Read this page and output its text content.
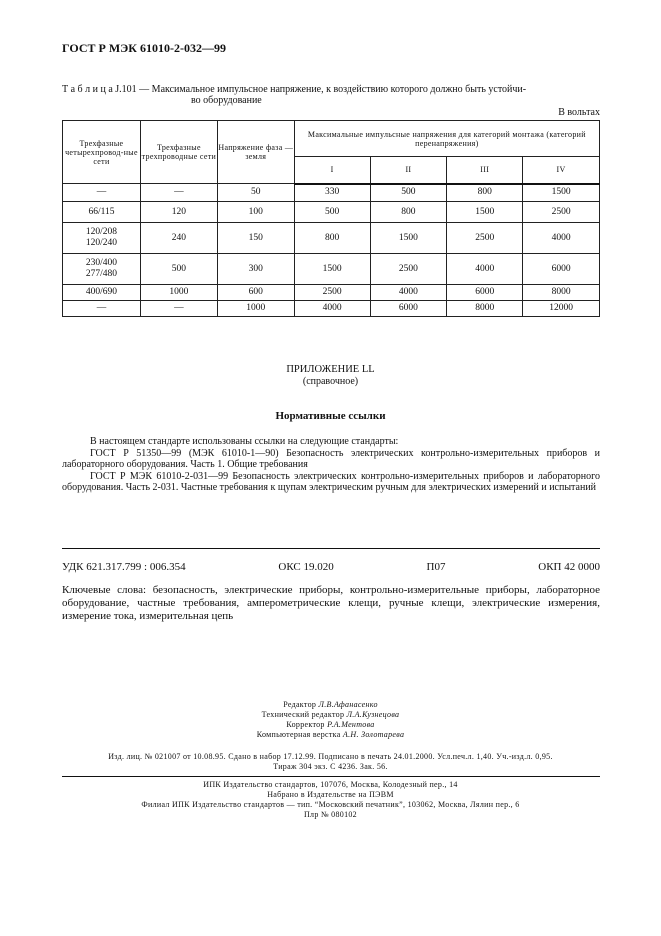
ГОСТ Р МЭК 61010-2-032—99
Т а б л и ц а J.101 — Максимальное импульсное напряжение, к воздействию которого должно быть устойчи-
во оборудование
В вольтах
Трехфазные четырехпровод-ные сети	Трехфазные трехпроводные сети	Напряжение фаза — земля	Максимальные импульсные напряжения для категорий монтажа (категорий перенапряжения)			
			I	II	III	IV
—	—	50	330	500	800	1500
66/115	120	100	500	800	1500	2500
120/208
120/240	240	150	800	1500	2500	4000
230/400
277/480	500	300	1500	2500	4000	6000
400/690	1000	600	2500	4000	6000	8000
—	—	1000	4000	6000	8000	12000
ПРИЛОЖЕНИЕ LL
(справочное)
Нормативные ссылки

В настоящем стандарте использованы ссылки на следующие стандарты:

ГОСТ Р 51350—99 (МЭК 61010-1—90) Безопасность электрических контрольно-измерительных приборов и лабораторного оборудования. Часть 1. Общие требования

ГОСТ Р МЭК 61010-2-031—99 Безопасность электрических контрольно-измерительных приборов и лабораторного оборудования. Часть 2-031. Частные требования к щупам электрическим ручным для электрических измерений и испытаний

УДК 621.317.799 : 006.354	ОКС 19.020	П07	ОКП 42 0000
Ключевые слова: безопасность, электрические приборы, контрольно-измерительные приборы, лабораторное оборудование, частные требования, амперометрические клещи, ручные клещи, электрические измерения, измерение тока, измерительная цепь
Редактор Л.В.Афанасенко
Технический редактор Л.А.Кузнецова
Корректор Р.А.Ментова
Компьютерная верстка А.Н. Золотарева
Изд. лиц. № 021007 от 10.08.95. Сдано в набор 17.12.99. Подписано в печать 24.01.2000. Усл.печ.л. 1,40. Уч.-изд.л. 0,95.
Тираж 304 экз. С 4236. Зак. 56.
ИПК Издательство стандартов, 107076, Москва, Колодезный пер., 14
Набрано в Издательстве на ПЭВМ
Филиал ИПК Издательство стандартов — тип. “Московский печатник”, 103062, Москва, Лялин пер., 6
Плр № 080102
